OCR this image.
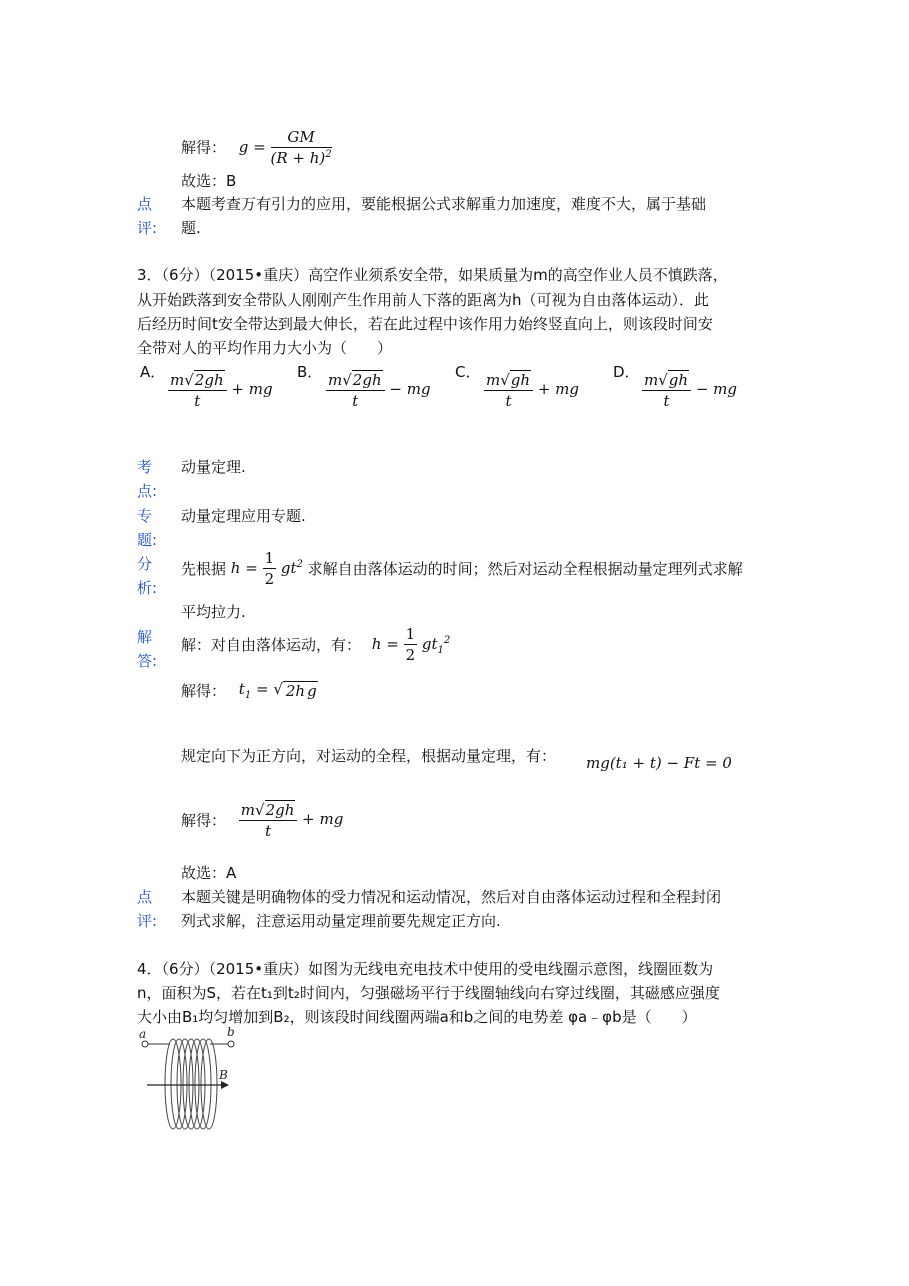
解得： $g = \frac{GM}{(R + h)^2}$
故选：B
点
评:
本题考查万有引力的应用，要能根据公式求解重力加速度，难度不大，属于基础
题.
3．（6分）（2015•重庆）高空作业须系安全带，如果质量为m的高空作业人员不慎跌落，
从开始跌落到安全带队人刚刚产生作用前人下落的距离为h（可视为自由落体运动）．此
后经历时间t安全带达到最大伸长，若在此过程中该作用力始终竖直向上，则该段时间安
全带对人的平均作用力大小为（　　）
A． $\frac{m√2gh}{t}$ + mg
B． $\frac{m√2gh}{t}$ − mg
C． $\frac{m√gh}{t}$ + mg
D． $\frac{m√gh}{t}$ − mg
考
点:
动量定理.
专
题:
动量定理应用专题.
分
析:
先根据 $h = \frac{1}{2} gt^2$ 求解自由落体运动的时间；然后对运动全程根据动量定理列式求解
平均拉力.
解
答:
解：对自由落体运动，有： $h = \frac{1}{2} gt_1^2$
解得： $t_1$ = √ 2h g
规定向下为正方向，对运动的全程，根据动量定理，有： mg(t₁ + t) − Ft = 0
解得： $\frac{m√2gh}{t}$ + mg
故选：A
点
评:
本题关键是明确物体的受力情况和运动情况，然后对自由落体运动过程和全程封闭
列式求解，注意运用动量定理前要先规定正方向.
4．（6分）（2015•重庆）如图为无线电充电技术中使用的受电线圈示意图，线圈匝数为
n，面积为S，若在t₁到t₂时间内，匀强磁场平行于线圈轴线向右穿过线圈，其磁感应强度
大小由B₁均匀增加到B₂，则该段时间线圈两端a和b之间的电势差 φa﹣φb是（　　）
a	b
B
